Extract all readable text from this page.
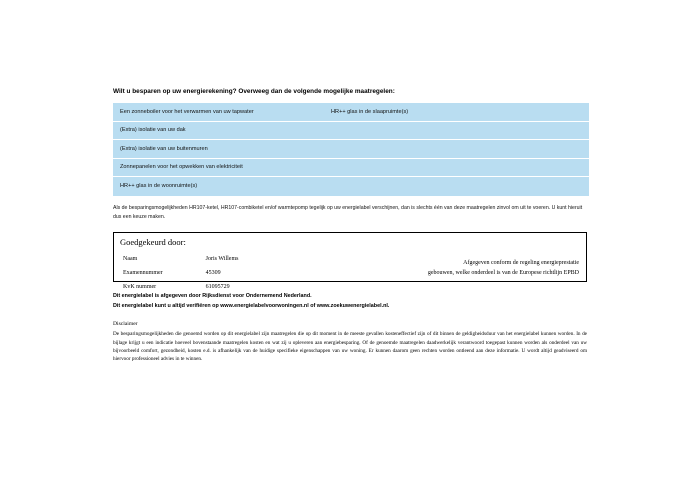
Wilt u besparen op uw energierekening? Overweeg dan de volgende mogelijke maatregelen:
Een zonneboiler voor het verwarmen van uw tapwater	HR++ glas in de slaapruimte(s)
(Extra) isolatie van uw dak
(Extra) isolatie van uw buitenmuren
Zonnepanelen voor het opwekken van elektriciteit
HR++ glas in de woonruimte(s)
Als de besparingsmogelijkheden HR107-ketel, HR107-combiketel en/of warmtepomp tegelijk op uw energielabel verschijnen, dan is slechts één van deze maatregelen zinvol om uit te voeren. U kunt hieruit dus een keuze maken.
Goedgekeurd door:
Naam	Joris Willems
Examennummer	45309
KvK nummer	61095729
Afgegeven conform de regeling energieprestatie
gebouwen, welke onderdeel is van de Europese richtlijn EPBD
Dit energielabel is afgegeven door Rijksdienst voor Ondernemend Nederland.
Dit energielabel kunt u altijd verifiëren op www.energielabelvoorwoningen.nl of www.zoekuwenergielabel.nl.
Disclaimer
De besparingsmogelijkheden die genoemd worden op dit energielabel zijn maatregelen die op dit moment in de meeste gevallen kosteneffectief zijn of dit binnen de geldigheidsduur van het energielabel kunnen worden. In de bijlage krijgt u een indicatie hoeveel bovenstaande maatregelen kosten en wat zij u opleveren aan energiebesparing. Of de genoemde maatregelen daadwerkelijk verantwoord toegepast kunnen worden als onderdeel van uw bijvoorbeeld comfort, gezondheid, kosten e.d. is afhankelijk van de huidige specifieke eigenschappen van uw woning. Er kunnen daarom geen rechten worden ontleend aan deze informatie. U wordt altijd geadviseerd om hiervoor professioneel advies in te winnen.
